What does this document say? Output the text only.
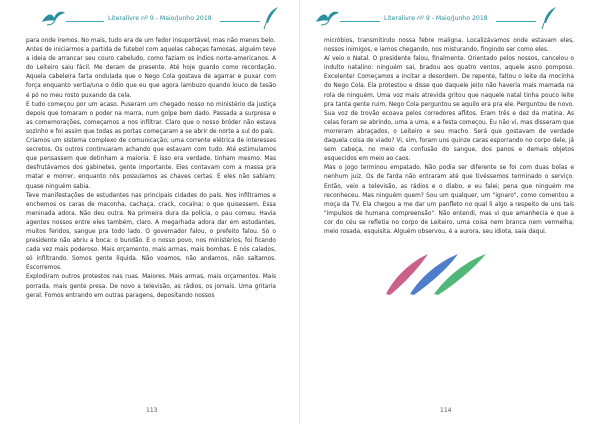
Literalivre nº 9 - Maio/Junho 2018

para onde iremos. No mais, tudo era de um fedor insuportável, mas não menos belo.

Antes de iniciarmos a partida de futebol com aquelas cabeças famosas, alguém teve a ideia de arrancar seu couro cabeludo, como faziam os índios norte-americanos. A do Leiteiro saiu fácil. Me deram de presente. Até hoje guardo como recordação. Aquela cabeleira farta ondulada que o Nego Cola gostava de agarrar e puxar com força enquanto vertia/una o ódio que eu que agora lambuzo quando louco de tesão é pó no meu rosto puxando da cela.

E tudo começou por um acaso. Puseram um chegado nosso no ministério da justiça depois que tomaram o poder na marra, num golpe bem dado. Passada a surpresa e as comemorações, começamos a nos infiltrar. Claro que o nosso bróder não estava sozinho e foi assim que todas as portas começaram a se abrir de norte a sul do país.

Criamos um sistema complexo de comunicação; uma corrente elétrica de interesses secretos. Os outros continuaram achando que estavam com tudo. Até estimulamos que pensassem que detinham a maioria. E isso era verdade, tinham mesmo. Mas desfrutávamos dos gabinetes, gente importante. Eles contavam com a massa pra matar e morrer, enquanto nós possuíamos as chaves certas. E eles não sabiam; quase ninguém sabia.

Teve manifestações de estudantes nas principais cidades do país. Nos infiltramos e enchemos os caras de maconha, cachaça, crack, cocaína; o que quisessem. Essa meninada adora. Não deu outra. Na primeira dura da polícia, o pau comeu. Havia agentes nossos entre eles também, claro. A megarhada adora dar em estudantes, muitos feridos, sangue pra todo lado. O governador falou, o prefeito falou. Só o presidente não abriu a boca: o bundão. E o nosso povo, nos ministérios, foi ficando cada vez mais poderoso. Mais orçamento, mais armas, mais bombas. E nós calados, só infiltrando. Somos gente líquida. Não voamos, não andamos, não saltamos. Escorremos.

Explodiram outros protestos nas ruas. Maiores. Mais armas, mais orçamentos. Mais porrada, mais gente presa. De novo a televisão, as rádios, os jornais. Uma gritaria geral. Fomos entrando em outras paragens, depositando nossos

113
Literalivre nº 9 - Maio/Junho 2018

micróbios, transmitindo nossa febre maligna. Localizávamos onde estavam eles, nossos inimigos, e íamos chegando, nos misturando, fingindo ser como eles.

Aí veio o Natal. O presidente falou, finalmente. Orientado pelos nossos, cancelou o indulto natalino: ninguém sai, bradou aos quatro ventos, aquele asno pomposo. Excelente! Começamos a incitar a desordem. De repente, faltou o leite da mocinha do Nego Cola. Ela protestou e disse que daquele jeito não haveria mais mamada na rola de ninguém. Uma voz mais atrevida gritou que naquele natal tinha pouco leite pra tanta gente ruim. Nego Cola perguntou se aquilo era pra ele. Perguntou de novo. Sua voz de trovão ecoava pelos corredores aflitos. Eram três e dez da matina. As celas foram se abrindo, uma a uma, e a festa começou. Eu não vi, mas disseram que morreram abraçados, o Leiteiro e seu macho. Será que gostavam de verdade daquela coisa de viado? Vi, sim, foram uns quinze caras esporrando no corpo dele, já sem cabeça, no meio da confusão do sangue, dos panos e demais objetos esquecidos em meio ao caos.

Mas o jogo terminou empatado. Não podia ser diferente se foi com duas bolas e nenhum juiz. Os de farda não entraram até que tivéssemos terminado o serviço. Então, veio a televisão, as rádios e o diabo, e eu falei; pena que ninguém me reconheceu. Mas ninguém quem? Sou um qualquer, um "ignaro", como comentou a moça da TV. Ela chegou a me dar um panfleto no qual li algo a respeito de uns tais "impulsos de humana compreensão". Não entendi, mas vi que amanhecia e que a cor do céu se refletia no corpo de Leiteiro, uma coisa nem branca nem vermelha; meio rosada, esquisita. Alguém observou, é a aurora, seu idiota, saia daqui.

114
